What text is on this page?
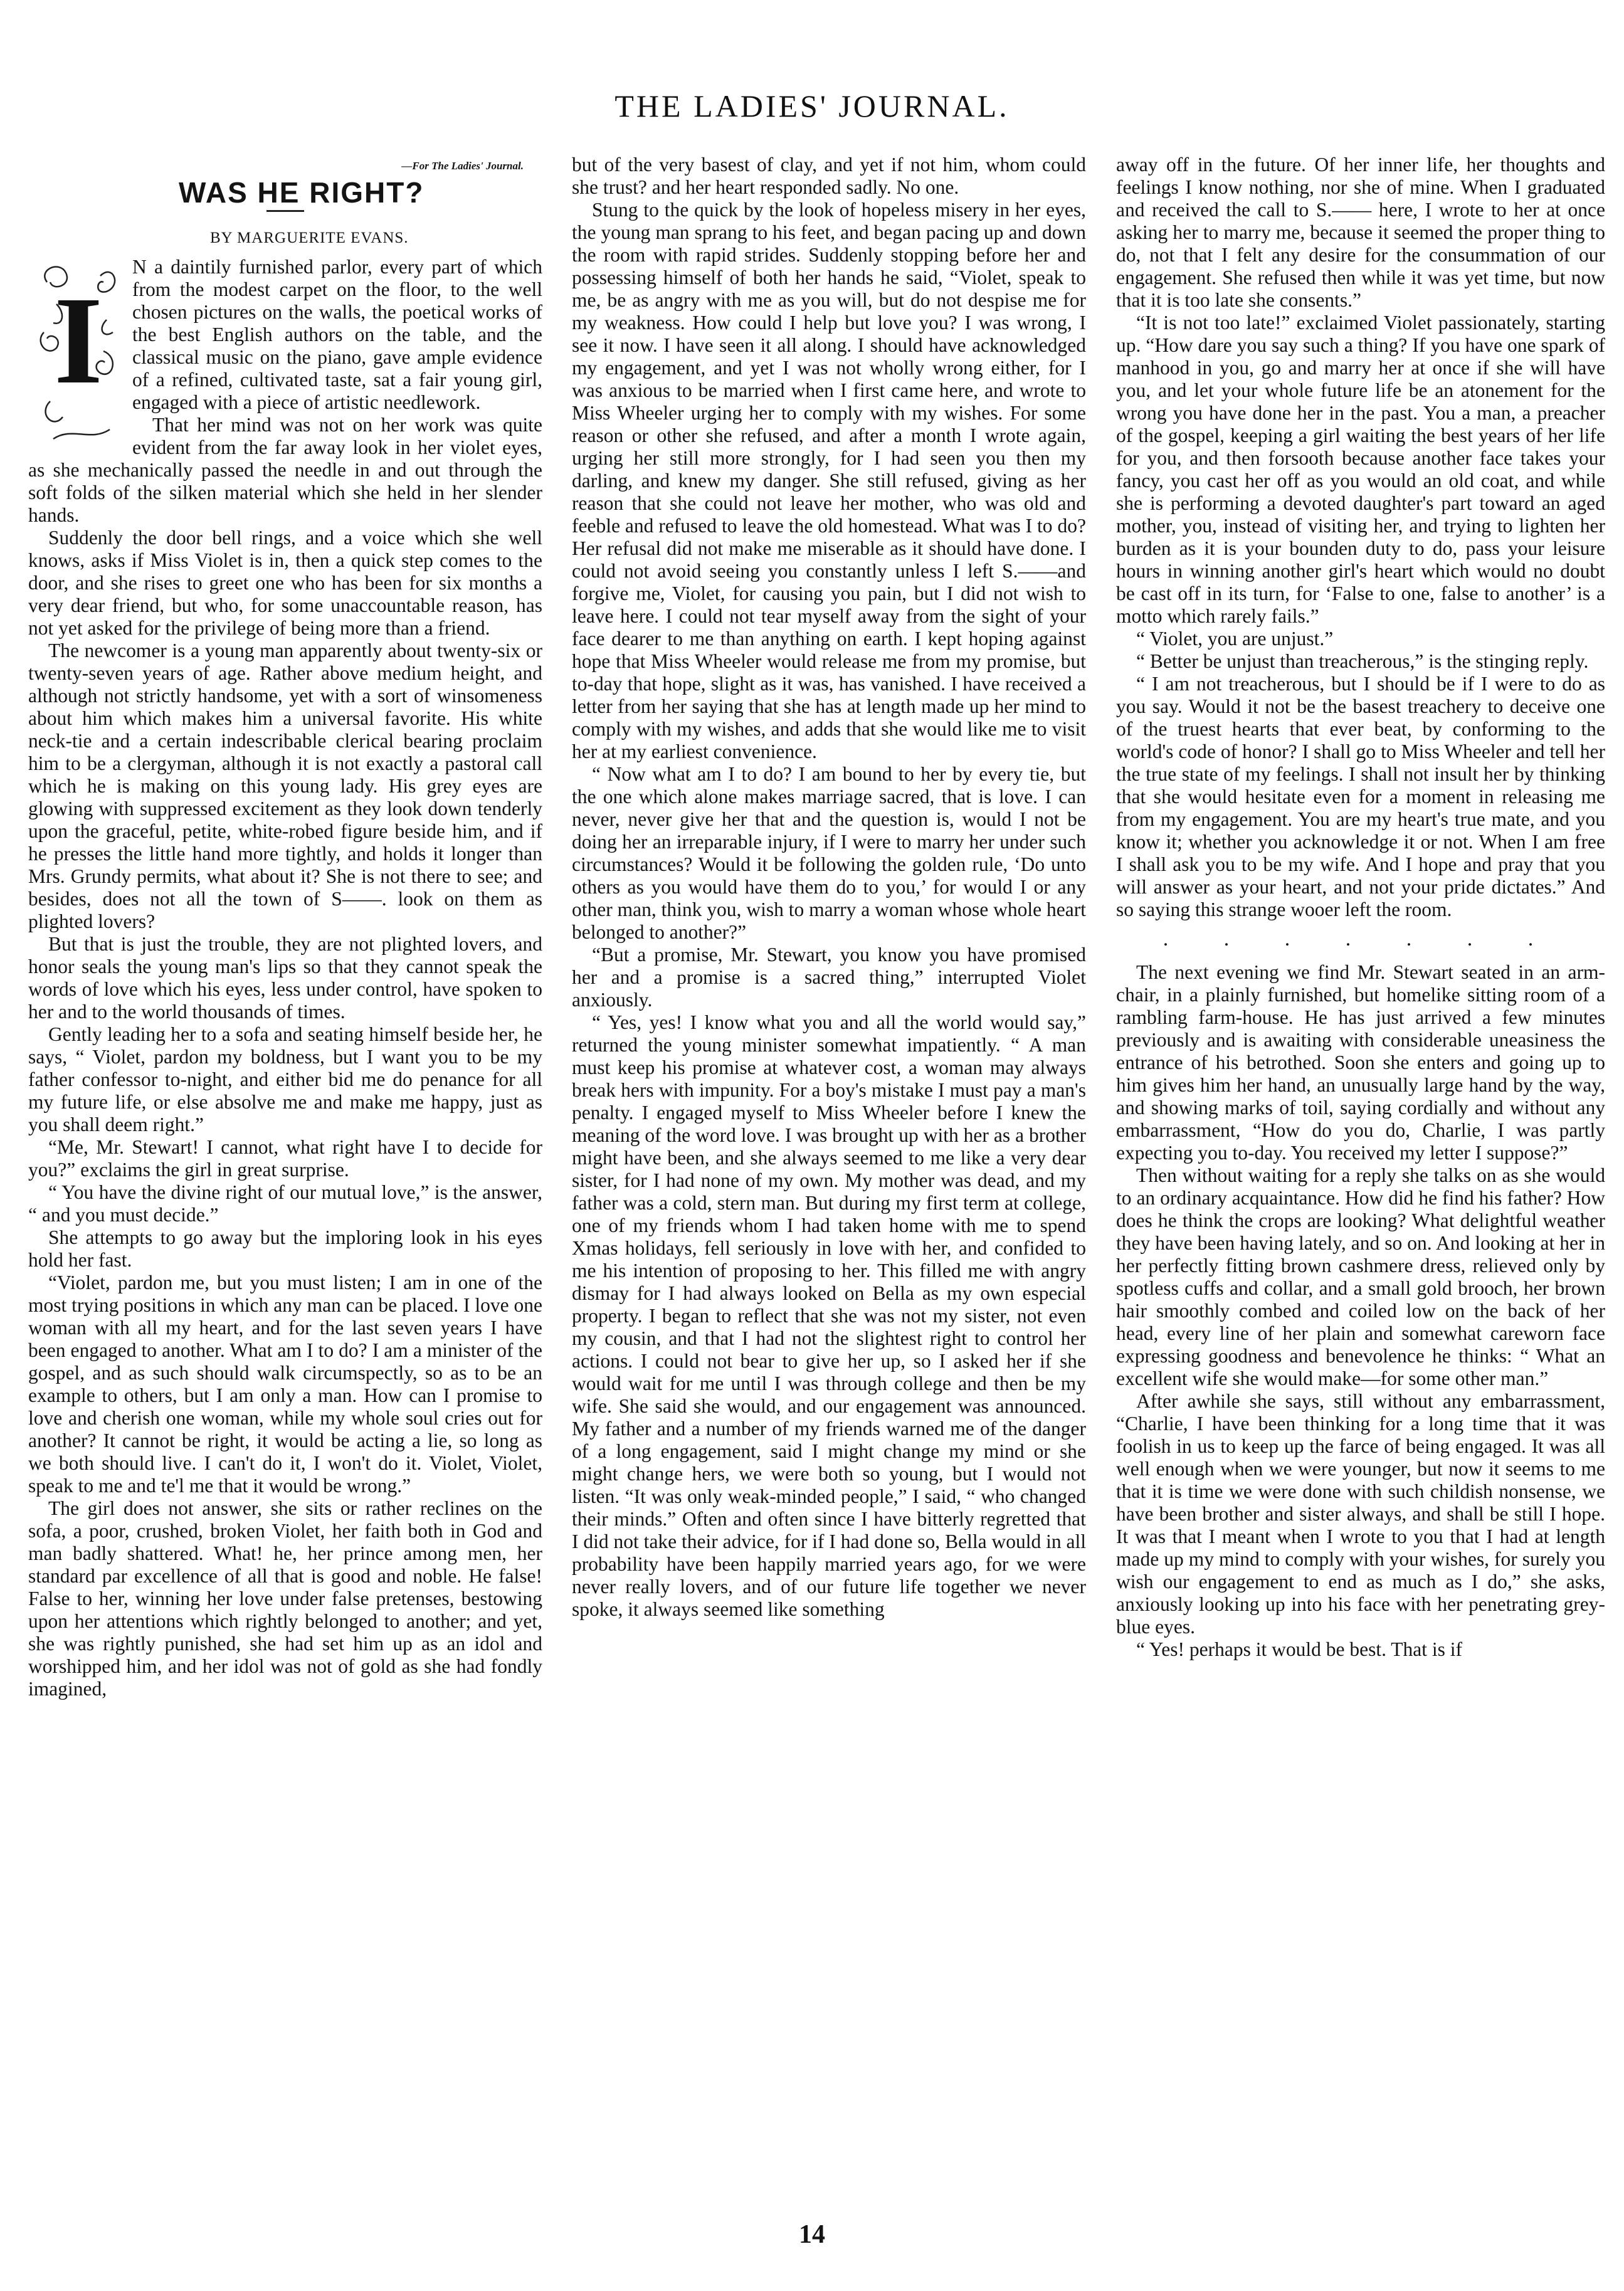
THE LADIES' JOURNAL.
—For The Ladies' Journal.
WAS HE RIGHT?
BY MARGUERITE EVANS.
I

N a daintily furnished parlor, every part of which from the modest carpet on the floor, to the well chosen pictures on the walls, the poetical works of the best English authors on the table, and the classical music on the piano, gave ample evidence of a refined, cultivated taste, sat a fair young girl, engaged with a piece of artistic needlework.

That her mind was not on her work was quite evident from the far away look in her violet eyes, as she mechanically passed the needle in and out through the soft folds of the silken material which she held in her slender hands.

Suddenly the door bell rings, and a voice which she well knows, asks if Miss Violet is in, then a quick step comes to the door, and she rises to greet one who has been for six months a very dear friend, but who, for some unaccountable reason, has not yet asked for the privilege of being more than a friend.

The newcomer is a young man apparently about twenty-six or twenty-seven years of age. Rather above medium height, and although not strictly handsome, yet with a sort of winsomeness about him which makes him a universal favorite. His white neck-tie and a certain indescribable clerical bearing proclaim him to be a clergyman, although it is not exactly a pastoral call which he is making on this young lady. His grey eyes are glowing with suppressed excitement as they look down tenderly upon the graceful, petite, white-robed figure beside him, and if he presses the little hand more tightly, and holds it longer than Mrs. Grundy permits, what about it? She is not there to see; and besides, does not all the town of S——. look on them as plighted lovers?

But that is just the trouble, they are not plighted lovers, and honor seals the young man's lips so that they cannot speak the words of love which his eyes, less under control, have spoken to her and to the world thousands of times.

Gently leading her to a sofa and seating himself beside her, he says, “ Violet, pardon my boldness, but I want you to be my father confessor to-night, and either bid me do penance for all my future life, or else absolve me and make me happy, just as you shall deem right.”

“Me, Mr. Stewart! I cannot, what right have I to decide for you?” exclaims the girl in great surprise.

“ You have the divine right of our mutual love,” is the answer, “ and you must decide.”

She attempts to go away but the imploring look in his eyes hold her fast.

“Violet, pardon me, but you must listen; I am in one of the most trying positions in which any man can be placed. I love one woman with all my heart, and for the last seven years I have been engaged to another. What am I to do? I am a minister of the gospel, and as such should walk circumspectly, so as to be an example to others, but I am only a man. How can I promise to love and cherish one woman, while my whole soul cries out for another? It cannot be right, it would be acting a lie, so long as we both should live. I can't do it, I won't do it. Violet, Violet, speak to me and te'l me that it would be wrong.”

The girl does not answer, she sits or rather reclines on the sofa, a poor, crushed, broken Violet, her faith both in God and man badly shattered. What! he, her prince among men, her standard par excellence of all that is good and noble. He false! False to her, winning her love under false pretenses, bestowing upon her attentions which rightly belonged to another; and yet, she was rightly punished, she had set him up as an idol and worshipped him, and her idol was not of gold as she had fondly imagined,

but of the very basest of clay, and yet if not him, whom could she trust? and her heart responded sadly. No one.

Stung to the quick by the look of hopeless misery in her eyes, the young man sprang to his feet, and began pacing up and down the room with rapid strides. Suddenly stopping before her and possessing himself of both her hands he said, “Violet, speak to me, be as angry with me as you will, but do not despise me for my weakness. How could I help but love you? I was wrong, I see it now. I have seen it all along. I should have acknowledged my engagement, and yet I was not wholly wrong either, for I was anxious to be married when I first came here, and wrote to Miss Wheeler urging her to comply with my wishes. For some reason or other she refused, and after a month I wrote again, urging her still more strongly, for I had seen you then my darling, and knew my danger. She still refused, giving as her reason that she could not leave her mother, who was old and feeble and refused to leave the old homestead. What was I to do? Her refusal did not make me miserable as it should have done. I could not avoid seeing you constantly unless I left S.——and forgive me, Violet, for causing you pain, but I did not wish to leave here. I could not tear myself away from the sight of your face dearer to me than anything on earth. I kept hoping against hope that Miss Wheeler would release me from my promise, but to-day that hope, slight as it was, has vanished. I have received a letter from her saying that she has at length made up her mind to comply with my wishes, and adds that she would like me to visit her at my earliest convenience.

“ Now what am I to do? I am bound to her by every tie, but the one which alone makes marriage sacred, that is love. I can never, never give her that and the question is, would I not be doing her an irreparable injury, if I were to marry her under such circumstances? Would it be following the golden rule, ‘Do unto others as you would have them do to you,’ for would I or any other man, think you, wish to marry a woman whose whole heart belonged to another?”

“But a promise, Mr. Stewart, you know you have promised her and a promise is a sacred thing,” interrupted Violet anxiously.

“ Yes, yes! I know what you and all the world would say,” returned the young minister somewhat impatiently. “ A man must keep his promise at whatever cost, a woman may always break hers with impunity. For a boy's mistake I must pay a man's penalty. I engaged myself to Miss Wheeler before I knew the meaning of the word love. I was brought up with her as a brother might have been, and she always seemed to me like a very dear sister, for I had none of my own. My mother was dead, and my father was a cold, stern man. But during my first term at college, one of my friends whom I had taken home with me to spend Xmas holidays, fell seriously in love with her, and confided to me his intention of proposing to her. This filled me with angry dismay for I had always looked on Bella as my own especial property. I began to reflect that she was not my sister, not even my cousin, and that I had not the slightest right to control her actions. I could not bear to give her up, so I asked her if she would wait for me until I was through college and then be my wife. She said she would, and our engagement was announced. My father and a number of my friends warned me of the danger of a long engagement, said I might change my mind or she might change hers, we were both so young, but I would not listen. “It was only weak-minded people,” I said, “ who changed their minds.” Often and often since I have bitterly regretted that I did not take their advice, for if I had done so, Bella would in all probability have been happily married years ago, for we were never really lovers, and of our future life together we never spoke, it always seemed like something

away off in the future. Of her inner life, her thoughts and feelings I know nothing, nor she of mine. When I graduated and received the call to S.—— here, I wrote to her at once asking her to marry me, because it seemed the proper thing to do, not that I felt any desire for the consummation of our engagement. She refused then while it was yet time, but now that it is too late she consents.”

“It is not too late!” exclaimed Violet passionately, starting up. “How dare you say such a thing? If you have one spark of manhood in you, go and marry her at once if she will have you, and let your whole future life be an atonement for the wrong you have done her in the past. You a man, a preacher of the gospel, keeping a girl waiting the best years of her life for you, and then forsooth because another face takes your fancy, you cast her off as you would an old coat, and while she is performing a devoted daughter's part toward an aged mother, you, instead of visiting her, and trying to lighten her burden as it is your bounden duty to do, pass your leisure hours in winning another girl's heart which would no doubt be cast off in its turn, for ‘False to one, false to another’ is a motto which rarely fails.”

“ Violet, you are unjust.”

“ Better be unjust than treacherous,” is the stinging reply.

“ I am not treacherous, but I should be if I were to do as you say. Would it not be the basest treachery to deceive one of the truest hearts that ever beat, by conforming to the world's code of honor? I shall go to Miss Wheeler and tell her the true state of my feelings. I shall not insult her by thinking that she would hesitate even for a moment in releasing me from my engagement. You are my heart's true mate, and you know it; whether you acknowledge it or not. When I am free I shall ask you to be my wife. And I hope and pray that you will answer as your heart, and not your pride dictates.” And so saying this strange wooer left the room.

. . . . . . .

The next evening we find Mr. Stewart seated in an arm-chair, in a plainly furnished, but homelike sitting room of a rambling farm-house. He has just arrived a few minutes previously and is awaiting with considerable uneasiness the entrance of his betrothed. Soon she enters and going up to him gives him her hand, an unusually large hand by the way, and showing marks of toil, saying cordially and without any embarrassment, “How do you do, Charlie, I was partly expecting you to-day. You received my letter I suppose?”

Then without waiting for a reply she talks on as she would to an ordinary acquaintance. How did he find his father? How does he think the crops are looking? What delightful weather they have been having lately, and so on. And looking at her in her perfectly fitting brown cashmere dress, relieved only by spotless cuffs and collar, and a small gold brooch, her brown hair smoothly combed and coiled low on the back of her head, every line of her plain and somewhat careworn face expressing goodness and benevolence he thinks: “ What an excellent wife she would make—for some other man.”

After awhile she says, still without any embarrassment, “Charlie, I have been thinking for a long time that it was foolish in us to keep up the farce of being engaged. It was all well enough when we were younger, but now it seems to me that it is time we were done with such childish nonsense, we have been brother and sister always, and shall be still I hope. It was that I meant when I wrote to you that I had at length made up my mind to comply with your wishes, for surely you wish our engagement to end as much as I do,” she asks, anxiously looking up into his face with her penetrating grey-blue eyes.

“ Yes! perhaps it would be best. That is if

14
